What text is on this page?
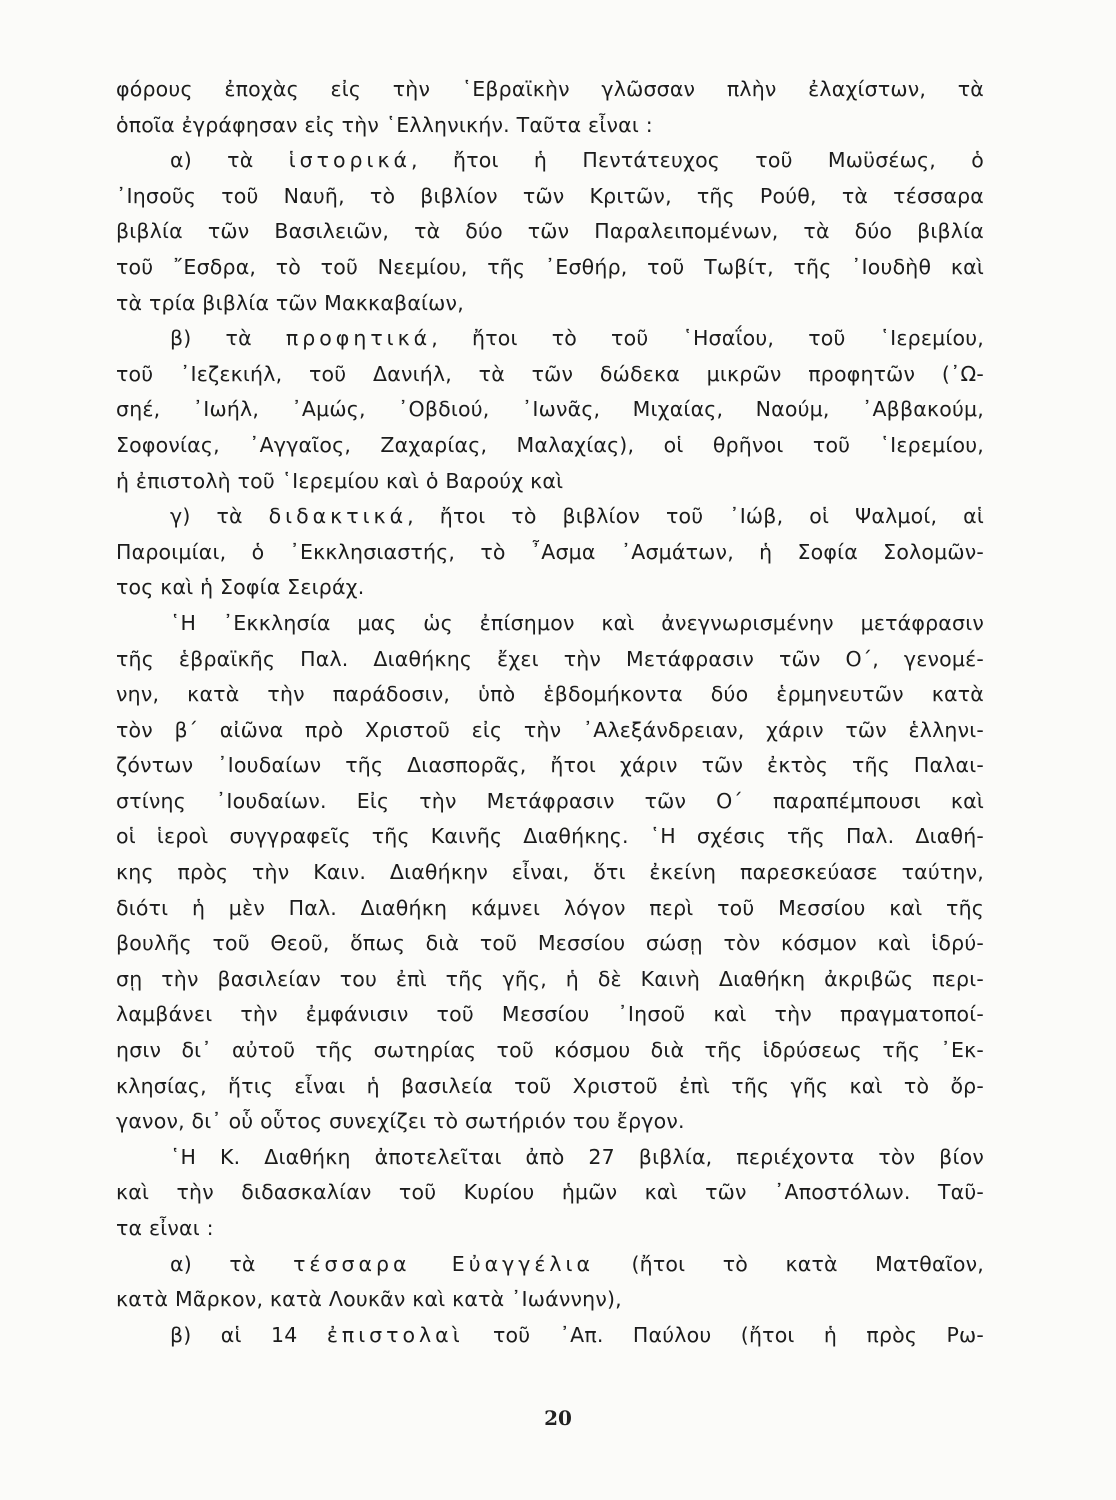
φόρους ἐποχὰς εἰς τὴν ῾Εβραϊκὴν γλῶσσαν πλὴν ἐλαχίστων, τὰ
ὁποῖα ἐγράφησαν εἰς τὴν ῾Ελληνικήν. Ταῦτα εἶναι :
α) τὰ ἱστορικά, ἤτοι ἡ Πεντάτευχος τοῦ Μωϋσέως, ὁ
᾿Ιησοῦς τοῦ Ναυῆ, τὸ βιβλίον τῶν Κριτῶν, τῆς Ρούθ, τὰ τέσσαρα
βιβλία τῶν Βασιλειῶν, τὰ δύο τῶν Παραλειπομένων, τὰ δύο βιβλία
τοῦ ῎Εσδρα, τὸ τοῦ Νεεμίου, τῆς ᾿Εσθήρ, τοῦ Τωβίτ, τῆς ᾿Ιουδὴθ καὶ
τὰ τρία βιβλία τῶν Μακκαβαίων,
β) τὰ προφητικά, ἤτοι τὸ τοῦ ῾Ησαΐου, τοῦ ῾Ιερεμίου,
τοῦ ᾿Ιεζεκιήλ, τοῦ Δανιήλ, τὰ τῶν δώδεκα μικρῶν προφητῶν (᾿Ω-
σηέ, ᾿Ιωήλ, ᾿Αμώς, ᾿Οβδιού, ᾿Ιωνᾶς, Μιχαίας, Ναούμ, ᾿Αββακούμ,
Σοφονίας, ᾿Αγγαῖος, Ζαχαρίας, Μαλαχίας), οἱ θρῆνοι τοῦ ῾Ιερεμίου,
ἡ ἐπιστολὴ τοῦ ῾Ιερεμίου καὶ ὁ Βαρούχ καὶ
γ) τὰ διδακτικά, ἤτοι τὸ βιβλίον τοῦ ᾿Ιώβ, οἱ Ψαλμοί, αἱ
Παροιμίαι, ὁ ᾿Εκκλησιαστής, τὸ ῏Ασμα ᾿Ασμάτων, ἡ Σοφία Σολομῶν-
τος καὶ ἡ Σοφία Σειράχ.
῾Η ᾿Εκκλησία μας ὡς ἐπίσημον καὶ ἀνεγνωρισμένην μετάφρασιν
τῆς ἑβραϊκῆς Παλ. Διαθήκης ἔχει τὴν Μετάφρασιν τῶν Ο΄, γενομέ-
νην, κατὰ τὴν παράδοσιν, ὑπὸ ἑβδομήκοντα δύο ἑρμηνευτῶν κατὰ
τὸν β΄ αἰῶνα πρὸ Χριστοῦ εἰς τὴν ᾿Αλεξάνδρειαν, χάριν τῶν ἑλληνι-
ζόντων ᾿Ιουδαίων τῆς Διασπορᾶς, ἤτοι χάριν τῶν ἐκτὸς τῆς Παλαι-
στίνης ᾿Ιουδαίων. Εἰς τὴν Μετάφρασιν τῶν Ο΄ παραπέμπουσι καὶ
οἱ ἱεροὶ συγγραφεῖς τῆς Καινῆς Διαθήκης. ῾Η σχέσις τῆς Παλ. Διαθή-
κης πρὸς τὴν Καιν. Διαθήκην εἶναι, ὅτι ἐκείνη παρεσκεύασε ταύτην,
διότι ἡ μὲν Παλ. Διαθήκη κάμνει λόγον περὶ τοῦ Μεσσίου καὶ τῆς
βουλῆς τοῦ Θεοῦ, ὅπως διὰ τοῦ Μεσσίου σώσῃ τὸν κόσμον καὶ ἱδρύ-
σῃ τὴν βασιλείαν του ἐπὶ τῆς γῆς, ἡ δὲ Καινὴ Διαθήκη ἀκριβῶς περι-
λαμβάνει τὴν ἐμφάνισιν τοῦ Μεσσίου ᾿Ιησοῦ καὶ τὴν πραγματοποί-
ησιν δι᾿ αὐτοῦ τῆς σωτηρίας τοῦ κόσμου διὰ τῆς ἱδρύσεως τῆς ᾿Εκ-
κλησίας, ἥτις εἶναι ἡ βασιλεία τοῦ Χριστοῦ ἐπὶ τῆς γῆς καὶ τὸ ὄρ-
γανον, δι᾿ οὗ οὗτος συνεχίζει τὸ σωτήριόν του ἔργον.
῾Η Κ. Διαθήκη ἀποτελεῖται ἀπὸ 27 βιβλία, περιέχοντα τὸν βίον
καὶ τὴν διδασκαλίαν τοῦ Κυρίου ἡμῶν καὶ τῶν ᾿Αποστόλων. Ταῦ-
τα εἶναι :
α) τὰ τέσσαρα Εὐαγγέλια (ἤτοι τὸ κατὰ Ματθαῖον,
κατὰ Μᾶρκον, κατὰ Λουκᾶν καὶ κατὰ ᾿Ιωάννην),
β) αἱ 14 ἐπιστολαὶ τοῦ ᾿Απ. Παύλου (ἤτοι ἡ πρὸς Ρω-
20
